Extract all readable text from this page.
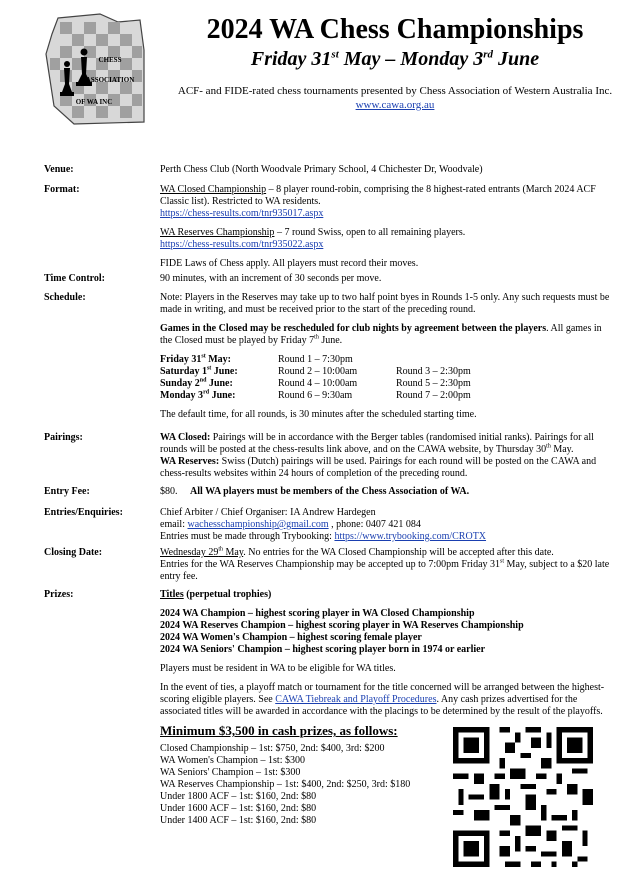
CHESS
ASSOCIATION
OF WA INC
2024 WA Chess Championships
Friday 31st May – Monday 3rd June
ACF- and FIDE-rated chess tournaments presented by Chess Association of Western Australia Inc.
www.cawa.org.au
Venue:	Perth Chess Club (North Woodvale Primary School, 4 Chichester Dr, Woodvale)
Format:	WA Closed Championship – 8 player round-robin, comprising the 8 highest-rated entrants (March 2024 ACF Classic list). Restricted to WA residents.
https://chess-results.com/tnr935017.aspx

WA Reserves Championship – 7 round Swiss, open to all remaining players.
https://chess-results.com/tnr935022.aspx

FIDE Laws of Chess apply. All players must record their moves.

Time Control:	90 minutes, with an increment of 30 seconds per move.
Schedule:	Note: Players in the Reserves may take up to two half point byes in Rounds 1-5 only. Any such requests must be made in writing, and must be received prior to the start of the preceding round.

Games in the Closed may be rescheduled for club nights by agreement between the players. All games in the Closed must be played by Friday 7th June.

Friday 31st May:	Round 1 – 7:30pm	
Saturday 1st June:	Round 2 – 10:00am	Round 3 – 2:30pm
Sunday 2nd June:	Round 4 – 10:00am	Round 5 – 2:30pm
Monday 3rd June:	Round 6 – 9:30am	Round 7 – 2:00pm

The default time, for all rounds, is 30 minutes after the scheduled starting time.

Pairings:	WA Closed: Pairings will be in accordance with the Berger tables (randomised initial ranks). Pairings for all rounds will be posted at the chess-results link above, and on the CAWA website, by Thursday 30th May.
WA Reserves: Swiss (Dutch) pairings will be used. Pairings for each round will be posted on the CAWA and chess-results websites within 24 hours of completion of the preceding round.
Entry Fee:	$80. All WA players must be members of the Chess Association of WA.
Entries/Enquiries:	Chief Arbiter / Chief Organiser: IA Andrew Hardegen
email: wachesschampionship@gmail.com , phone: 0407 421 084
Entries must be made through Trybooking: https://www.trybooking.com/CROTX
Closing Date:	Wednesday 29th May. No entries for the WA Closed Championship will be accepted after this date.
Entries for the WA Reserves Championship may be accepted up to 7:00pm Friday 31st May, subject to a $20 late entry fee.
Prizes:	Titles (perpetual trophies)

2024 WA Champion – highest scoring player in WA Closed Championship
2024 WA Reserves Champion – highest scoring player in WA Reserves Championship
2024 WA Women's Champion – highest scoring female player
2024 WA Seniors' Champion – highest scoring player born in 1974 or earlier

Players must be resident in WA to be eligible for WA titles.

In the event of ties, a playoff match or tournament for the title concerned will be arranged between the highest-scoring eligible players. See CAWA Tiebreak and Playoff Procedures. Any cash prizes advertised for the associated titles will be awarded in accordance with the placings to be determined by the result of the playoffs.

Minimum $3,500 in cash prizes, as follows:
Closed Championship – 1st: $750, 2nd: $400, 3rd: $200
WA Women's Champion – 1st: $300
WA Seniors' Champion – 1st: $300
WA Reserves Championship – 1st: $400, 2nd: $250, 3rd: $180
Under 1800 ACF – 1st: $160, 2nd: $80
Under 1600 ACF – 1st: $160, 2nd: $80
Under 1400 ACF – 1st: $160, 2nd: $80
